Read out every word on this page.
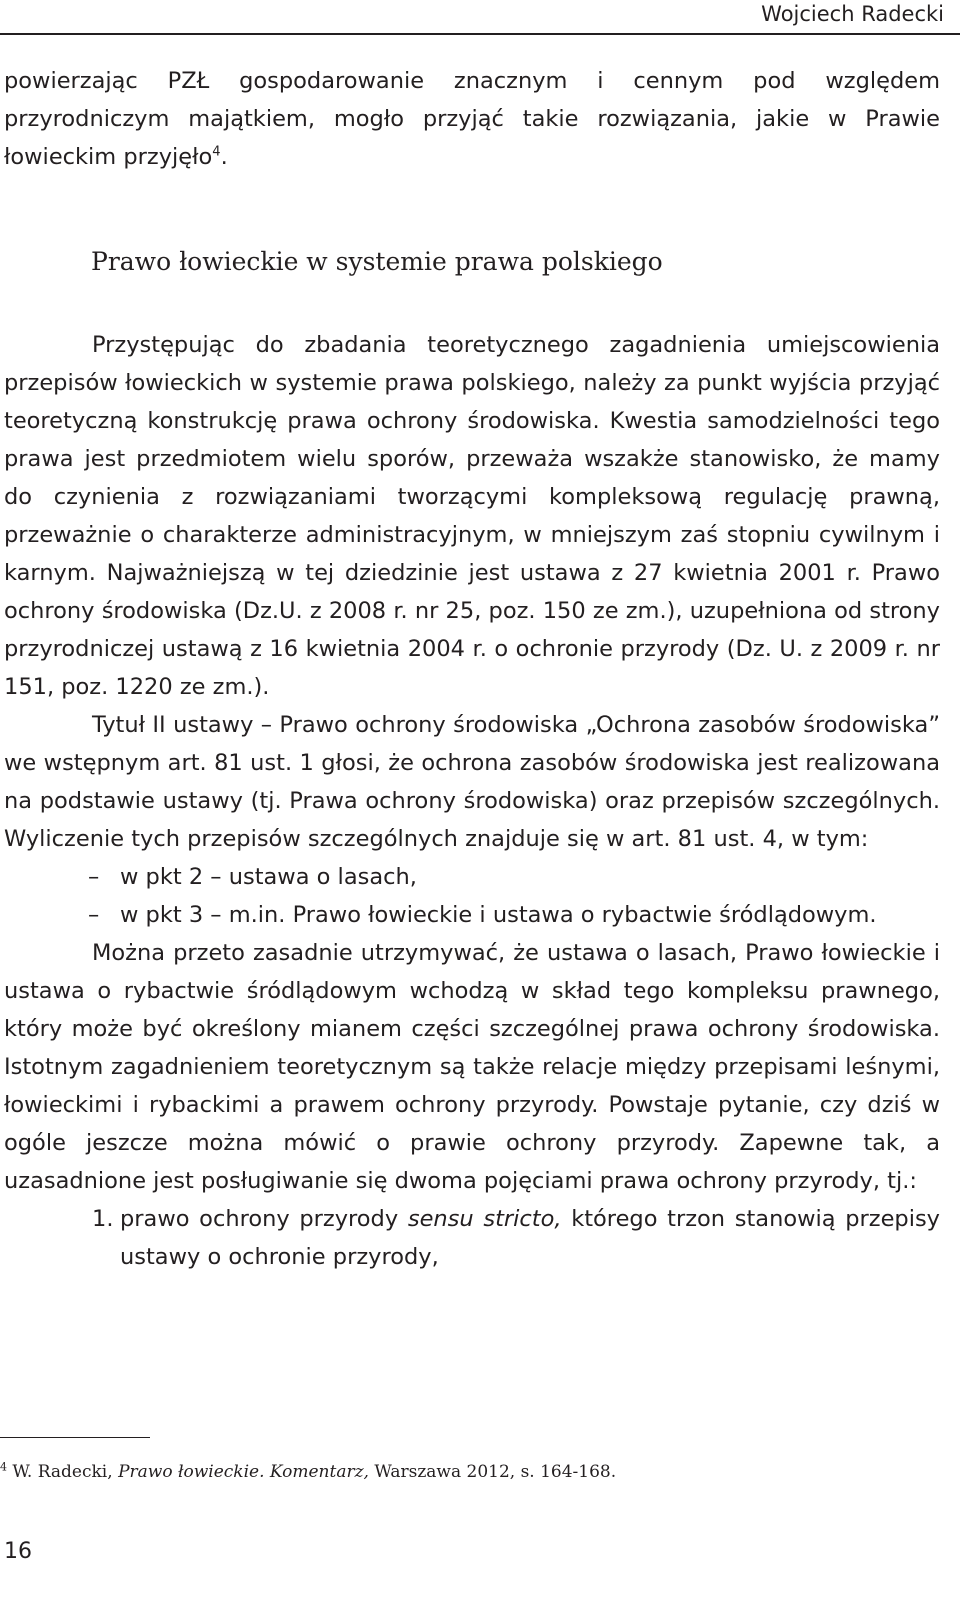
Wojciech Radecki

powierzając PZŁ gospodarowanie znacznym i cennym pod względem przyrodniczym majątkiem, mogło przyjąć takie rozwiązania, jakie w Prawie łowieckim przyjęło$^4$.

Prawo łowieckie w systemie prawa polskiego

Przystępując do zbadania teoretycznego zagadnienia umiejscowienia przepisów łowieckich w systemie prawa polskiego, należy za punkt wyjścia przyjąć teoretyczną konstrukcję prawa ochrony środowiska. Kwestia samodzielności tego prawa jest przedmiotem wielu sporów, przeważa wszakże stanowisko, że mamy do czynienia z rozwiązaniami tworzącymi kompleksową regulację prawną, przeważnie o charakterze administracyjnym, w mniejszym zaś stopniu cywilnym i karnym. Najważniejszą w tej dziedzinie jest ustawa z 27 kwietnia 2001 r. Prawo ochrony środowiska (Dz.U. z 2008 r. nr 25, poz. 150 ze zm.), uzupełniona od strony przyrodniczej ustawą z 16 kwietnia 2004 r. o ochronie przyrody (Dz. U. z 2009 r. nr 151, poz. 1220 ze zm.).

Tytuł II ustawy – Prawo ochrony środowiska „Ochrona zasobów środowiska” we wstępnym art. 81 ust. 1 głosi, że ochrona zasobów środowiska jest realizowana na podstawie ustawy (tj. Prawa ochrony środowiska) oraz przepisów szczególnych. Wyliczenie tych przepisów szczególnych znajduje się w art. 81 ust. 4, w tym:

– w pkt 2 – ustawa o lasach,
– w pkt 3 – m.in. Prawo łowieckie i ustawa o rybactwie śródlądowym.

Można przeto zasadnie utrzymywać, że ustawa o lasach, Prawo łowieckie i ustawa o rybactwie śródlądowym wchodzą w skład tego kompleksu prawnego, który może być określony mianem części szczególnej prawa ochrony środowiska. Istotnym zagadnieniem teoretycznym są także relacje między przepisami leśnymi, łowieckimi i rybackimi a prawem ochrony przyrody. Powstaje pytanie, czy dziś w ogóle jeszcze można mówić o prawie ochrony przyrody. Zapewne tak, a uzasadnione jest posługiwanie się dwoma pojęciami prawa ochrony przyrody, tj.:

1. prawo ochrony przyrody sensu stricto, którego trzon stanowią przepisy ustawy o ochronie przyrody,
$^4$ W. Radecki, Prawo łowieckie. Komentarz, Warszawa 2012, s. 164-168.
16
